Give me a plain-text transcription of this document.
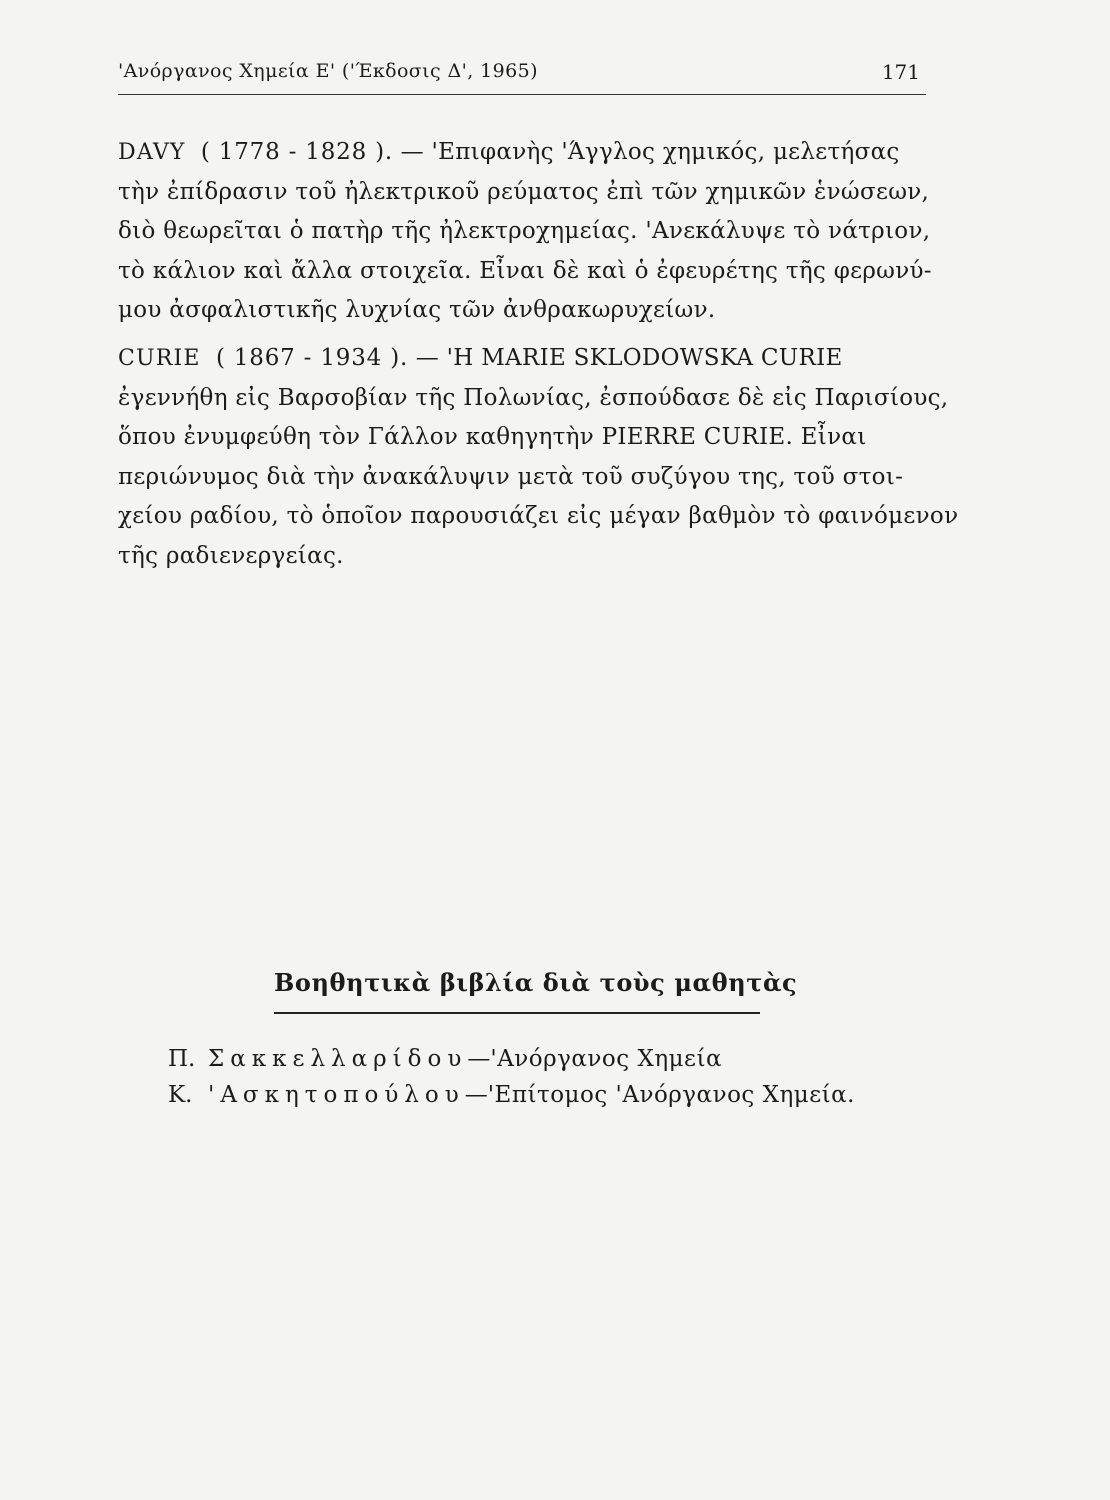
'Ανόργανος Χημεία Ε' ('Έκδοσις Δ', 1965)	171
DAVY ( 1778 - 1828 ). — 'Επιφανὴς 'Άγγλος χημικός, μελετήσας
τὴν ἐπίδρασιν τοῦ ἠλεκτρικοῦ ρεύματος ἐπὶ τῶν χημικῶν ἑνώσεων,
διὸ θεωρεῖται ὁ πατὴρ τῆς ἠλεκτροχημείας. 'Ανεκάλυψε τὸ νάτριον,
τὸ κάλιον καὶ ἄλλα στοιχεῖα. Εἶναι δὲ καὶ ὁ ἐφευρέτης τῆς φερωνύ-
μου ἀσφαλιστικῆς λυχνίας τῶν ἀνθρακωρυχείων.
CURIE ( 1867 - 1934 ). — 'Η MARIE SKLODOWSKA CURIE
ἐγεννήθη εἰς Βαρσοβίαν τῆς Πολωνίας, ἐσπούδασε δὲ εἰς Παρισίους,
ὅπου ἐνυμφεύθη τὸν Γάλλον καθηγητὴν PIERRE CURIE. Εἶναι
περιώνυμος διὰ τὴν ἀνακάλυψιν μετὰ τοῦ συζύγου της, τοῦ στοι-
χείου ραδίου, τὸ ὁποῖον παρουσιάζει εἰς μέγαν βαθμὸν τὸ φαινόμενον
τῆς ραδιενεργείας.
Βοηθητικὰ βιβλία διὰ τοὺς μαθητὰς
Π. Σακκελλαρίδου—'Ανόργανος Χημεία
Κ. 'Ασκητοπούλου—'Επίτομος 'Ανόργανος Χημεία.
